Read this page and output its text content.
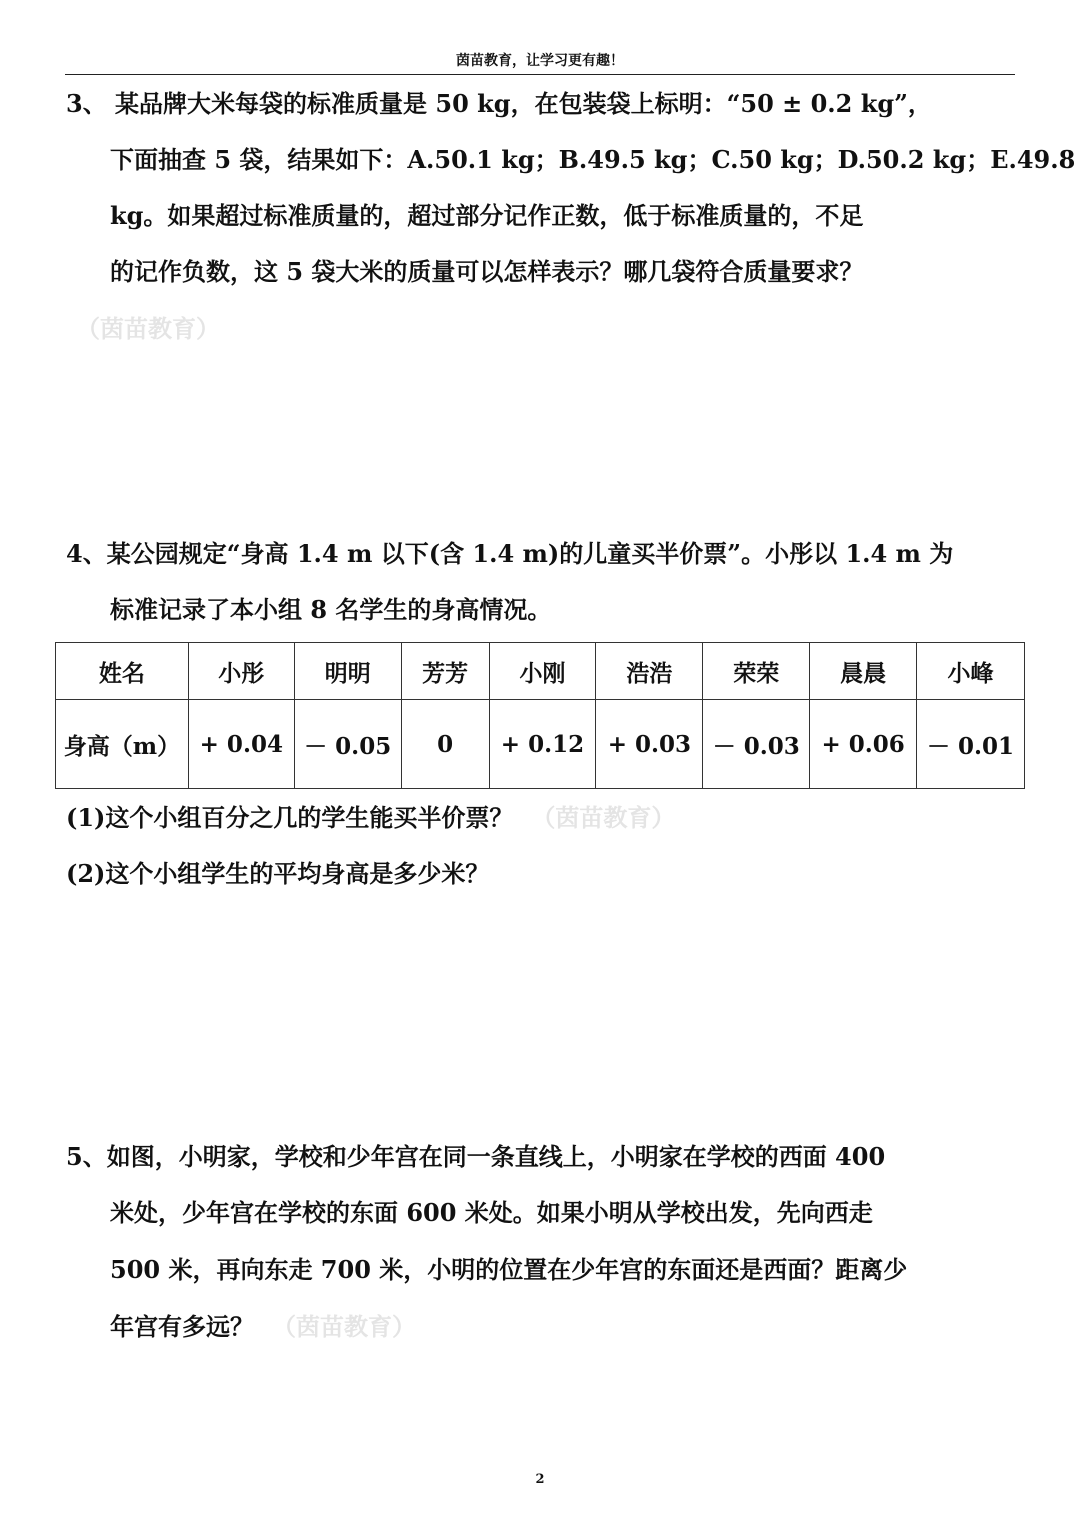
茵苗教育，让学习更有趣！
3、 某品牌大米每袋的标准质量是 50 kg，在包装袋上标明：“50 ± 0.2 kg”，
下面抽查 5 袋，结果如下：A.50.1 kg；B.49.5 kg；C.50 kg；D.50.2 kg；E.49.8
kg。如果超过标准质量的，超过部分记作正数，低于标准质量的，不足
的记作负数，这 5 袋大米的质量可以怎样表示？哪几袋符合质量要求？
（茵苗教育）
4、某公园规定“身高 1.4 m 以下(含 1.4 m)的儿童买半价票”。小彤以 1.4 m 为
标准记录了本小组 8 名学生的身高情况。
姓名	小彤	明明	芳芳	小刚	浩浩	荣荣	晨晨	小峰
身高（m）	+ 0.04	－ 0.05	0	+ 0.12	+ 0.03	－ 0.03	+ 0.06	－ 0.01
(1)这个小组百分之几的学生能买半价票？ （茵苗教育）
(2)这个小组学生的平均身高是多少米？
5、如图，小明家，学校和少年宫在同一条直线上，小明家在学校的西面 400
米处，少年宫在学校的东面 600 米处。如果小明从学校出发，先向西走
500 米，再向东走 700 米，小明的位置在少年宫的东面还是西面？距离少
年宫有多远？ （茵苗教育）
2
